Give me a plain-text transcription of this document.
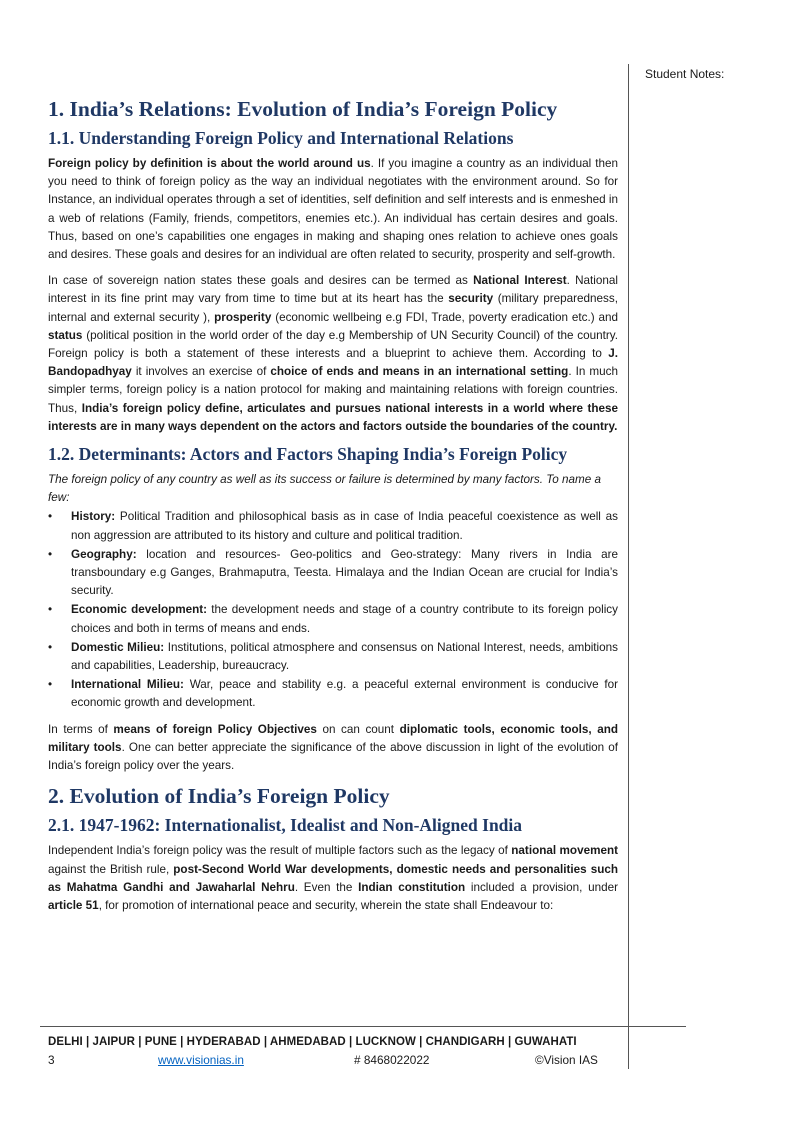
Student Notes:
1. India’s Relations: Evolution of India’s Foreign Policy
1.1. Understanding Foreign Policy and International Relations

Foreign policy by definition is about the world around us. If you imagine a country as an individual then you need to think of foreign policy as the way an individual negotiates with the environment around. So for Instance, an individual operates through a set of identities, self definition and self interests and is enmeshed in a web of relations (Family, friends, competitors, enemies etc.). An individual has certain desires and goals. Thus, based on one’s capabilities one engages in making and shaping ones relation to achieve ones goals and desires. These goals and desires for an individual are often related to security, prosperity and self-growth.

In case of sovereign nation states these goals and desires can be termed as National Interest. National interest in its fine print may vary from time to time but at its heart has the security (military preparedness, internal and external security ), prosperity (economic wellbeing e.g FDI, Trade, poverty eradication etc.) and status (political position in the world order of the day e.g Membership of UN Security Council) of the country. Foreign policy is both a statement of these interests and a blueprint to achieve them. According to J. Bandopadhyay it involves an exercise of choice of ends and means in an international setting. In much simpler terms, foreign policy is a nation protocol for making and maintaining relations with foreign countries. Thus, India’s foreign policy define, articulates and pursues national interests in a world where these interests are in many ways dependent on the actors and factors outside the boundaries of the country.

1.2. Determinants: Actors and Factors Shaping India’s Foreign Policy

The foreign policy of any country as well as its success or failure is determined by many factors. To name a few:

• History: Political Tradition and philosophical basis as in case of India peaceful coexistence as well as non aggression are attributed to its history and culture and political tradition.
• Geography: location and resources- Geo-politics and Geo-strategy: Many rivers in India are transboundary e.g Ganges, Brahmaputra, Teesta. Himalaya and the Indian Ocean are crucial for India’s security.
• Economic development: the development needs and stage of a country contribute to its foreign policy choices and both in terms of means and ends.
• Domestic Milieu: Institutions, political atmosphere and consensus on National Interest, needs, ambitions and capabilities, Leadership, bureaucracy.
• International Milieu: War, peace and stability e.g. a peaceful external environment is conducive for economic growth and development.

In terms of means of foreign Policy Objectives on can count diplomatic tools, economic tools, and military tools. One can better appreciate the significance of the above discussion in light of the evolution of India’s foreign policy over the years.

2. Evolution of India’s Foreign Policy
2.1. 1947-1962: Internationalist, Idealist and Non-Aligned India

Independent India’s foreign policy was the result of multiple factors such as the legacy of national movement against the British rule, post-Second World War developments, domestic needs and personalities such as Mahatma Gandhi and Jawaharlal Nehru. Even the Indian constitution included a provision, under article 51, for promotion of international peace and security, wherein the state shall Endeavour to:

DELHI | JAIPUR | PUNE | HYDERABAD | AHMEDABAD | LUCKNOW | CHANDIGARH | GUWAHATI
3	www.visionias.in	# 8468022022	©Vision IAS
